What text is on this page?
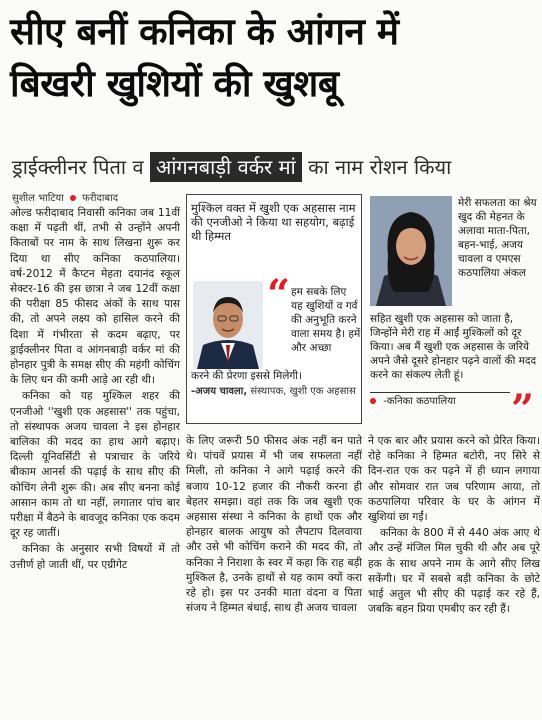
सीए बनीं कनिका के आंगन में
बिखरी खुशियों की खुशबू
ड्राईक्लीनर पिता व आंगनबाड़ी वर्कर मां का नाम रोशन किया
सुशील भाटिया फरीदाबाद

ओल्ड फरीदाबाद निवासी कनिका जब 11वीं कक्षा में पढ़ती थीं, तभी से उन्होंने अपनी किताबों पर नाम के साथ लिखना शुरू कर दिया था सीए कनिका कठपालिया। वर्ष-2012 में कैप्टन मेहता दयानंद स्कूल सेक्टर-16 की इस छात्रा ने जब 12वीं कक्षा की परीक्षा 85 फीसद अंकों के साथ पास की, तो अपने लक्ष्य को हासिल करने की दिशा में गंभीरता से कदम बढ़ाए, पर ड्राईक्लीनर पिता व आंगनबाड़ी वर्कर मां की होनहार पुत्री के समक्ष सीए की महंगी कोचिंग के लिए धन की कमी आड़े आ रही थी।

कनिका को यह मुश्किल शहर की एनजीओ ''खुशी एक अहसास'' तक पहुंचा, तो संस्थापक अजय चावला ने इस होनहार बालिका की मदद का हाथ आगे बढ़ाए। दिल्ली यूनिवर्सिटी से पत्राचार के जरिये बीकाम आनर्स की पढ़ाई के साथ सीए की कोचिंग लेनी शुरू की। अब सीए बनना कोई आसान काम तो था नहीं, लगातार पांच बार परीक्षा में बैठने के बावजूद कनिका एक कदम दूर रह जातीं।

कनिका के अनुसार सभी विषयों में तो उत्तीर्ण हो जाती थीं, पर एग्रीगेट

मुश्किल वक्त में खुशी एक अहसास नाम की एनजीओ ने किया था सहयोग, बढ़ाई थी हिम्मत
“ हम सबके लिए यह खुशियों व गर्व की अनुभूति करने वाला समय है। हमें और अच्छा
करने की प्रेरणा इससे मिलेगी।
-अजय चावला, संस्थापक, खुशी एक अहसास
मेरी सफलता का श्रेय खुद की मेहनत के अलावा माता-पिता, बहन-भाई, अजय चावला व एमएस कठपालिया अंकल
सहित खुशी एक अहसास को जाता है, जिन्होंने मेरी राह में आईं मुश्किलों को दूर किया। अब मैं खुशी एक अहसास के जरिये अपने जैसे दूसरे होनहार पढ़ने वालों की मदद करने का संकल्प लेती हूं।
-कनिका कठपालिया	”

के लिए जरूरी 50 फीसद अंक नहीं बन पाते थे। पांचवें प्रयास में भी जब सफलता नहीं मिली, तो कनिका ने आगे पढ़ाई करने की बजाय 10-12 हजार की नौकरी करना ही बेहतर समझा। वहां तक कि जब खुशी एक अहसास संस्था ने कनिका के हाथों एक और होनहार बालक आयुष को लैपटाप दिलवाया और उसे भी कोचिंग कराने की मदद की, तो कनिका ने निराशा के स्वर में कहा कि राह बड़ी मुश्किल है, उनके हाथों से यह काम क्यों करा रहे हो। इस पर उनकी माता वंदना व पिता संजय ने हिम्मत बंधाई, साथ ही अजय चावला

ने एक बार और प्रयास करने को प्रेरित किया। रोहे कनिका ने हिम्मत बटोरी, नए सिरे से दिन-रात एक कर पढ़ने में ही ध्यान लगाया और सोमवार रात जब परिणाम आया, तो कठपालिया परिवार के घर के आंगन में खुशियां छा गईं।

कनिका के 800 में से 440 अंक आए थे और उन्हें मंजिल मिल चुकी थी और अब पूरे हक के साथ अपने नाम के आगे सीए लिख सकेंगी। घर में सबसे बड़ी कनिका के छोटे भाई अतुल भी सीए की पढ़ाई कर रहे हैं, जबकि बहन प्रिया एमबीए कर रही हैं।
